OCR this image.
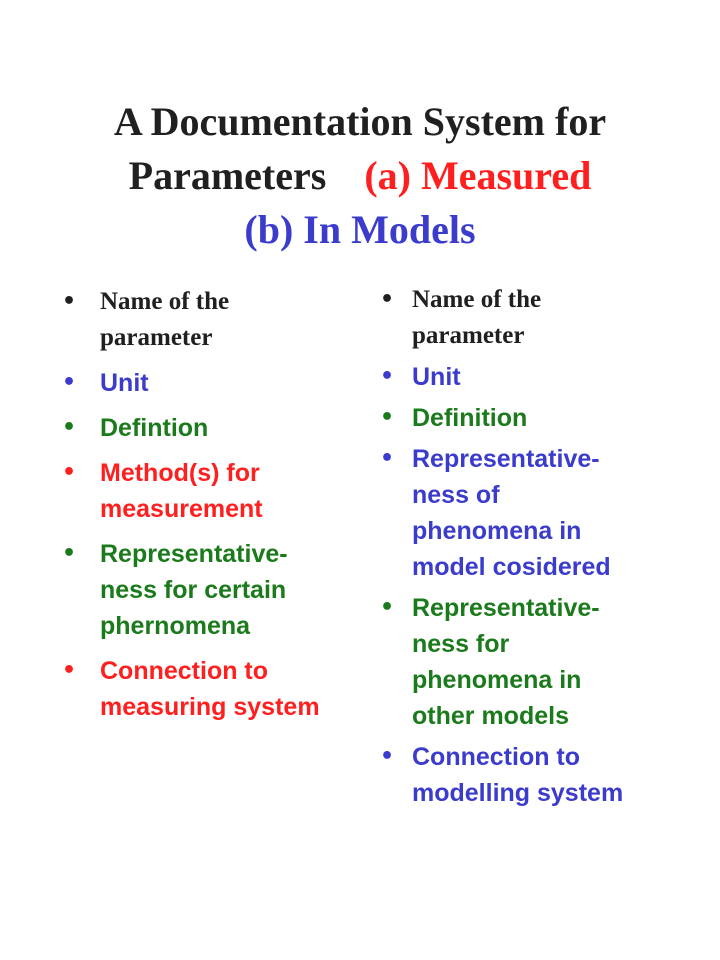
A Documentation System for
Parameters (a) Measured
(b) In Models
• Name of the
parameter
• Unit
• Defintion
• Method(s) for
measurement
• Representative-
ness for certain
phernomena
• Connection to
measuring system
• Name of the
parameter
• Unit
• Definition
• Representative-
ness of
phenomena in
model cosidered
• Representative-
ness for
phenomena in
other models
• Connection to
modelling system
